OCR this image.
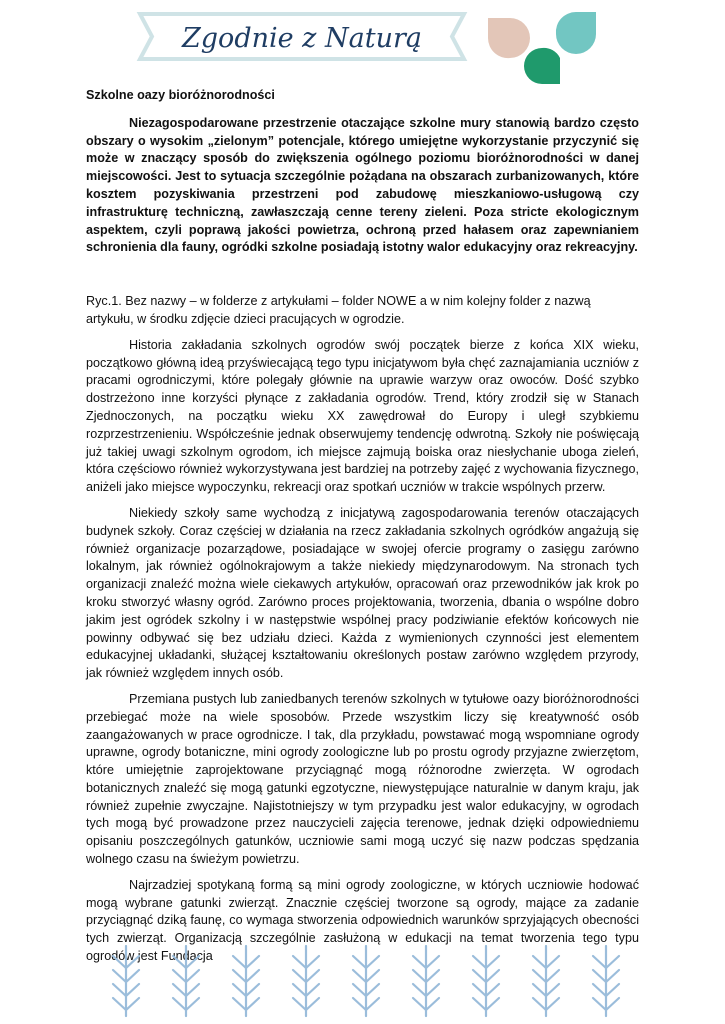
Zgodnie z Naturą

Szkolne oazy bioróżnorodności

Niezagospodarowane przestrzenie otaczające szkolne mury stanowią bardzo często obszary o wysokim „zielonym” potencjale, którego umiejętne wykorzystanie przyczynić się może w znaczący sposób do zwiększenia ogólnego poziomu bioróżnorodności w danej miejscowości. Jest to sytuacja szczególnie pożądana na obszarach zurbanizowanych, które kosztem pozyskiwania przestrzeni pod zabudowę mieszkaniowo-usługową czy infrastrukturę techniczną, zawłaszczają cenne tereny zieleni. Poza stricte ekologicznym aspektem, czyli poprawą jakości powietrza, ochroną przed hałasem oraz zapewnianiem schronienia dla fauny, ogródki szkolne posiadają istotny walor edukacyjny oraz rekreacyjny.

Ryc.1. Bez nazwy – w folderze z artykułami – folder NOWE a w nim kolejny folder z nazwą artykułu, w środku zdjęcie dzieci pracujących w ogrodzie.

Historia zakładania szkolnych ogrodów swój początek bierze z końca XIX wieku, początkowo główną ideą przyświecającą tego typu inicjatywom była chęć zaznajamiania uczniów z pracami ogrodniczymi, które polegały głównie na uprawie warzyw oraz owoców. Dość szybko dostrzeżono inne korzyści płynące z zakładania ogrodów. Trend, który zrodził się w Stanach Zjednoczonych, na początku wieku XX zawędrował do Europy i uległ szybkiemu rozprzestrzenieniu. Współcześnie jednak obserwujemy tendencję odwrotną. Szkoły nie poświęcają już takiej uwagi szkolnym ogrodom, ich miejsce zajmują boiska oraz niesłychanie uboga zieleń, która częściowo również wykorzystywana jest bardziej na potrzeby zajęć z wychowania fizycznego, aniżeli jako miejsce wypoczynku, rekreacji oraz spotkań uczniów w trakcie wspólnych przerw.

Niekiedy szkoły same wychodzą z inicjatywą zagospodarowania terenów otaczających budynek szkoły. Coraz częściej w działania na rzecz zakładania szkolnych ogródków angażują się również organizacje pozarządowe, posiadające w swojej ofercie programy o zasięgu zarówno lokalnym, jak również ogólnokrajowym a także niekiedy międzynarodowym. Na stronach tych organizacji znaleźć można wiele ciekawych artykułów, opracowań oraz przewodników jak krok po kroku stworzyć własny ogród. Zarówno proces projektowania, tworzenia, dbania o wspólne dobro jakim jest ogródek szkolny i w następstwie wspólnej pracy podziwianie efektów końcowych nie powinny odbywać się bez udziału dzieci. Każda z wymienionych czynności jest elementem edukacyjnej układanki, służącej kształtowaniu określonych postaw zarówno względem przyrody, jak również względem innych osób.

Przemiana pustych lub zaniedbanych terenów szkolnych w tytułowe oazy bioróżnorodności przebiegać może na wiele sposobów. Przede wszystkim liczy się kreatywność osób zaangażowanych w prace ogrodnicze. I tak, dla przykładu, powstawać mogą wspomniane ogrody uprawne, ogrody botaniczne, mini ogrody zoologiczne lub po prostu ogrody przyjazne zwierzętom, które umiejętnie zaprojektowane przyciągnąć mogą różnorodne zwierzęta. W ogrodach botanicznych znaleźć się mogą gatunki egzotyczne, niewystępujące naturalnie w danym kraju, jak również zupełnie zwyczajne. Najistotniejszy w tym przypadku jest walor edukacyjny, w ogrodach tych mogą być prowadzone przez nauczycieli zajęcia terenowe, jednak dzięki odpowiedniemu opisaniu poszczególnych gatunków, uczniowie sami mogą uczyć się nazw podczas spędzania wolnego czasu na świeżym powietrzu.

Najrzadziej spotykaną formą są mini ogrody zoologiczne, w których uczniowie hodować mogą wybrane gatunki zwierząt. Znacznie częściej tworzone są ogrody, mające za zadanie przyciągnąć dziką faunę, co wymaga stworzenia odpowiednich warunków sprzyjających obecności tych zwierząt. Organizacją szczególnie zasłużoną w edukacji na temat tworzenia tego typu ogrodów jest Fundacja
